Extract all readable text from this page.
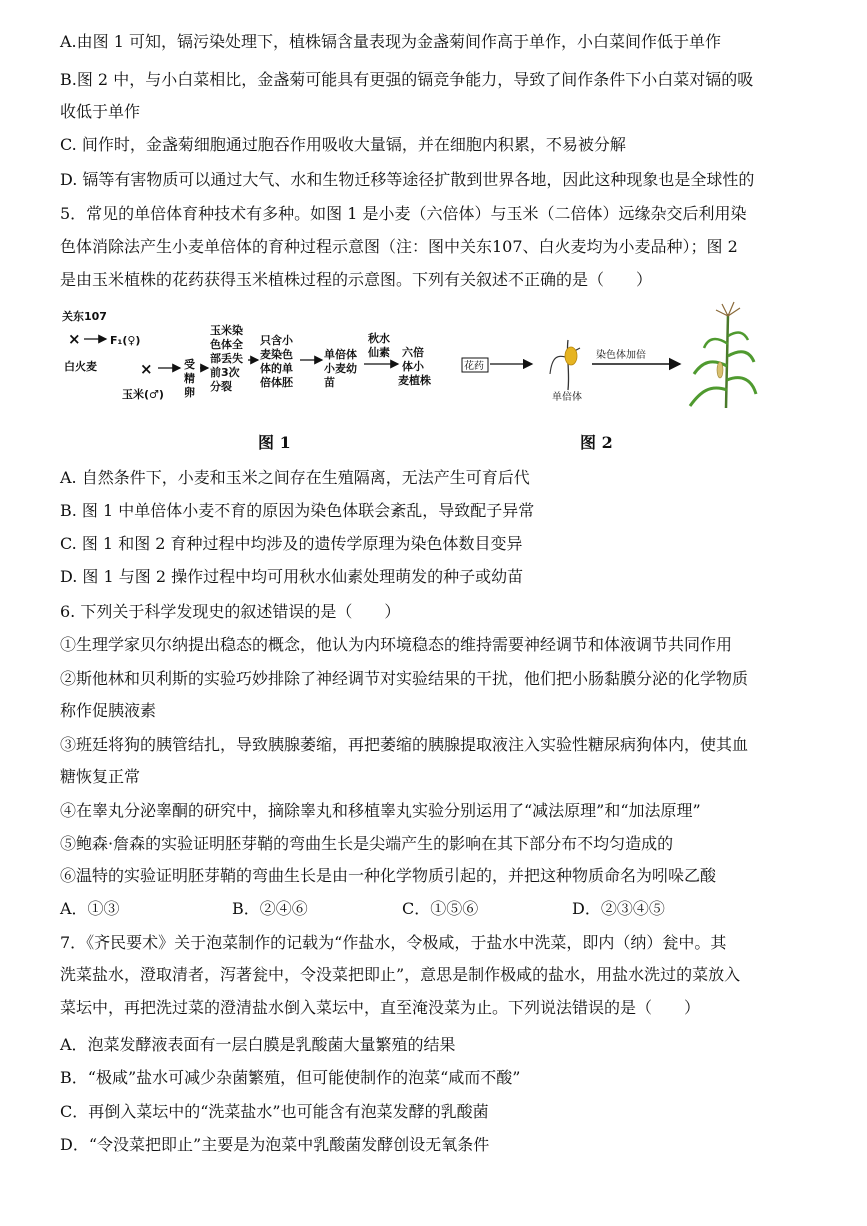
A.由图 1 可知，镉污染处理下，植株镉含量表现为金盏菊间作高于单作，小白菜间作低于单作
B.图 2 中，与小白菜相比，金盏菊可能具有更强的镉竞争能力，导致了间作条件下小白菜对镉的吸
收低于单作
C. 间作时，金盏菊细胞通过胞吞作用吸收大量镉，并在细胞内积累，不易被分解
D. 镉等有害物质可以通过大气、水和生物迁移等途径扩散到世界各地，因此这种现象也是全球性的
5．常见的单倍体育种技术有多种。如图 1 是小麦（六倍体）与玉米（二倍体）远缘杂交后利用染
色体消除法产生小麦单倍体的育种过程示意图（注：图中关东107、白火麦均为小麦品种）；图 2
是由玉米植株的花药获得玉米植株过程的示意图。下列有关叙述不正确的是（　　）
关东107
×	F₁(♀)
白火麦	×
玉米(♂)
受
精
卵
玉米染
色体全
部丢失
前3次
分裂
只含小
麦染色
体的单
倍体胚
单倍体
小麦幼
苗
秋水
仙素 六倍
体小
麦植株
花药
单倍体
染色体加倍
图 1	图 2
A. 自然条件下，小麦和玉米之间存在生殖隔离，无法产生可育后代
B. 图 1 中单倍体小麦不育的原因为染色体联会紊乱，导致配子异常
C. 图 1 和图 2 育种过程中均涉及的遗传学原理为染色体数目变异
D. 图 1 与图 2 操作过程中均可用秋水仙素处理萌发的种子或幼苗
6. 下列关于科学发现史的叙述错误的是（　　）
①生理学家贝尔纳提出稳态的概念，他认为内环境稳态的维持需要神经调节和体液调节共同作用
②斯他林和贝利斯的实验巧妙排除了神经调节对实验结果的干扰，他们把小肠黏膜分泌的化学物质
称作促胰液素
③班廷将狗的胰管结扎，导致胰腺萎缩，再把萎缩的胰腺提取液注入实验性糖尿病狗体内，使其血
糖恢复正常
④在睾丸分泌睾酮的研究中，摘除睾丸和移植睾丸实验分别运用了“减法原理”和“加法原理”
⑤鲍森·詹森的实验证明胚芽鞘的弯曲生长是尖端产生的影响在其下部分布不均匀造成的
⑥温特的实验证明胚芽鞘的弯曲生长是由一种化学物质引起的，并把这种物质命名为吲哚乙酸
A．①③	B．②④⑥	C．①⑤⑥	D．②③④⑤
7．《齐民要术》关于泡菜制作的记载为“作盐水，令极咸，于盐水中洗菜，即内（纳）瓮中。其
洗菜盐水，澄取清者，泻著瓮中，令没菜把即止”，意思是制作极咸的盐水，用盐水洗过的菜放入
菜坛中，再把洗过菜的澄清盐水倒入菜坛中，直至淹没菜为止。下列说法错误的是（　　）
A．泡菜发酵液表面有一层白膜是乳酸菌大量繁殖的结果
B．“极咸”盐水可减少杂菌繁殖，但可能使制作的泡菜“咸而不酸”
C．再倒入菜坛中的“洗菜盐水”也可能含有泡菜发酵的乳酸菌
D．“令没菜把即止”主要是为泡菜中乳酸菌发酵创设无氧条件
